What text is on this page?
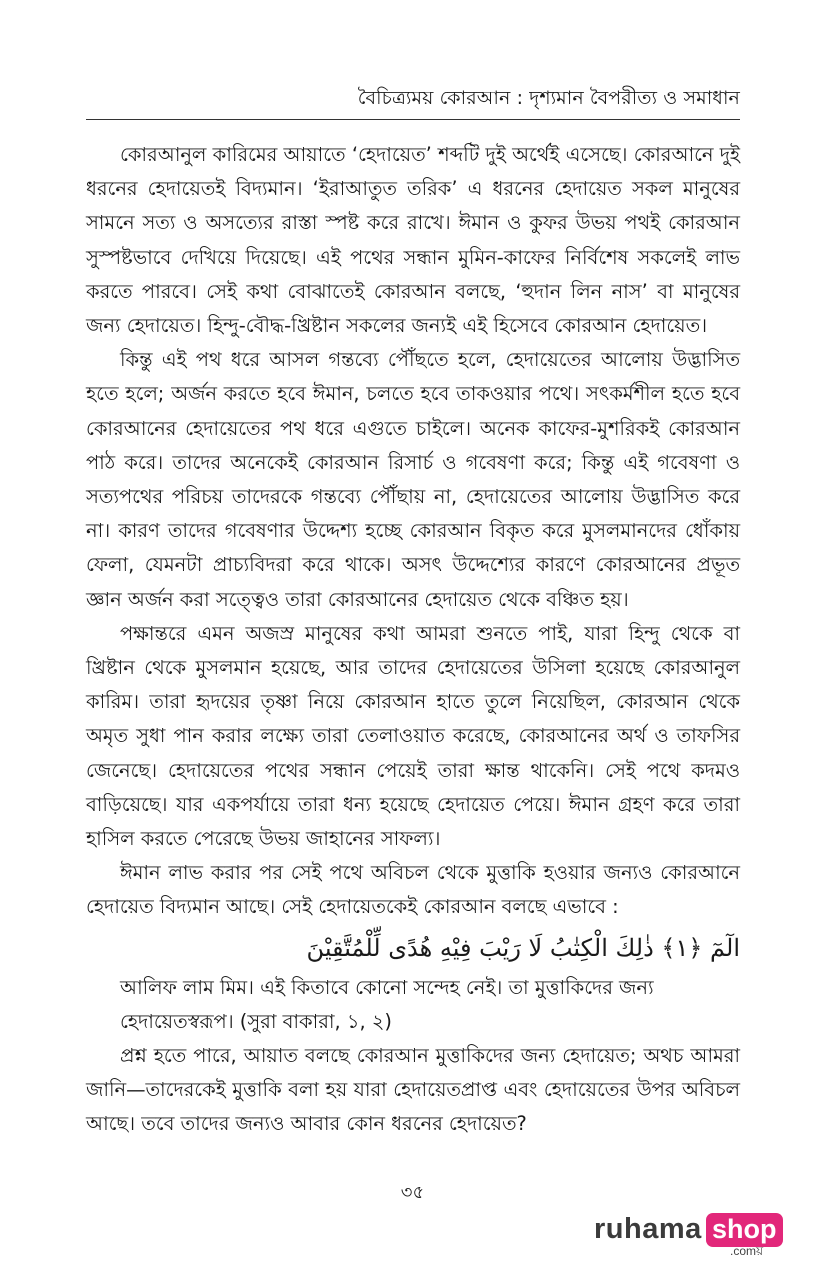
বৈচিত্র্যময় কোরআন : দৃশ্যমান বৈপরীত্য ও সমাধান

কোরআনুল কারিমের আয়াতে ‘হেদায়েত’ শব্দটি দুই অর্থেই এসেছে। কোরআনে দুই ধরনের হেদায়েতই বিদ্যমান। ‘ইরাআতুত তরিক’ এ ধরনের হেদায়েত সকল মানুষের সামনে সত্য ও অসত্যের রাস্তা স্পষ্ট করে রাখে। ঈমান ও কুফর উভয় পথই কোরআন সুস্পষ্টভাবে দেখিয়ে দিয়েছে। এই পথের সন্ধান মুমিন-কাফের নির্বিশেষ সকলেই লাভ করতে পারবে। সেই কথা বোঝাতেই কোরআন বলছে, ‘হুদান লিন নাস’ বা মানুষের জন্য হেদায়েত। হিন্দু-বৌদ্ধ-খ্রিষ্টান সকলের জন্যই এই হিসেবে কোরআন হেদায়েত।

কিন্তু এই পথ ধরে আসল গন্তব্যে পৌঁছতে হলে, হেদায়েতের আলোয় উদ্ভাসিত হতে হলে; অর্জন করতে হবে ঈমান, চলতে হবে তাকওয়ার পথে। সৎকর্মশীল হতে হবে কোরআনের হেদায়েতের পথ ধরে এগুতে চাইলে। অনেক কাফের-মুশরিকই কোরআন পাঠ করে। তাদের অনেকেই কোরআন রিসার্চ ও গবেষণা করে; কিন্তু এই গবেষণা ও সত্যপথের পরিচয় তাদেরকে গন্তব্যে পৌঁছায় না, হেদায়েতের আলোয় উদ্ভাসিত করে না। কারণ তাদের গবেষণার উদ্দেশ্য হচ্ছে কোরআন বিকৃত করে মুসলমানদের ধোঁকায় ফেলা, যেমনটা প্রাচ্যবিদরা করে থাকে। অসৎ উদ্দেশ্যের কারণে কোরআনের প্রভূত জ্ঞান অর্জন করা সত্ত্বেও তারা কোরআনের হেদায়েত থেকে বঞ্চিত হয়।

পক্ষান্তরে এমন অজস্র মানুষের কথা আমরা শুনতে পাই, যারা হিন্দু থেকে বা খ্রিষ্টান থেকে মুসলমান হয়েছে, আর তাদের হেদায়েতের উসিলা হয়েছে কোরআনুল কারিম। তারা হৃদয়ের তৃষ্ণা নিয়ে কোরআন হাতে তুলে নিয়েছিল, কোরআন থেকে অমৃত সুধা পান করার লক্ষ্যে তারা তেলাওয়াত করেছে, কোরআনের অর্থ ও তাফসির জেনেছে। হেদায়েতের পথের সন্ধান পেয়েই তারা ক্ষান্ত থাকেনি। সেই পথে কদমও বাড়িয়েছে। যার একপর্যায়ে তারা ধন্য হয়েছে হেদায়েত পেয়ে। ঈমান গ্রহণ করে তারা হাসিল করতে পেরেছে উভয় জাহানের সাফল্য।

ঈমান লাভ করার পর সেই পথে অবিচল থেকে মুত্তাকি হওয়ার জন্যও কোরআনে হেদায়েত বিদ্যমান আছে। সেই হেদায়েতকেই কোরআন বলছে এভাবে :

الٓمٓ ﴿١﴾ ذٰلِكَ الْكِتٰبُ لَا رَيْبَ فِيْهِ هُدًى لِّلْمُتَّقِيْنَ

আলিফ লাম মিম। এই কিতাবে কোনো সন্দেহ নেই। তা মুত্তাকিদের জন্য

হেদায়েতস্বরূপ। (সুরা বাকারা, ১, ২)

প্রশ্ন হতে পারে, আয়াত বলছে কোরআন মুত্তাকিদের জন্য হেদায়েত; অথচ আমরা জানি—তাদেরকেই মুত্তাকি বলা হয় যারা হেদায়েতপ্রাপ্ত এবং হেদায়েতের উপর অবিচল আছে। তবে তাদের জন্যও আবার কোন ধরনের হেদায়েত?

৩৫
ruhama shop
.comয়
